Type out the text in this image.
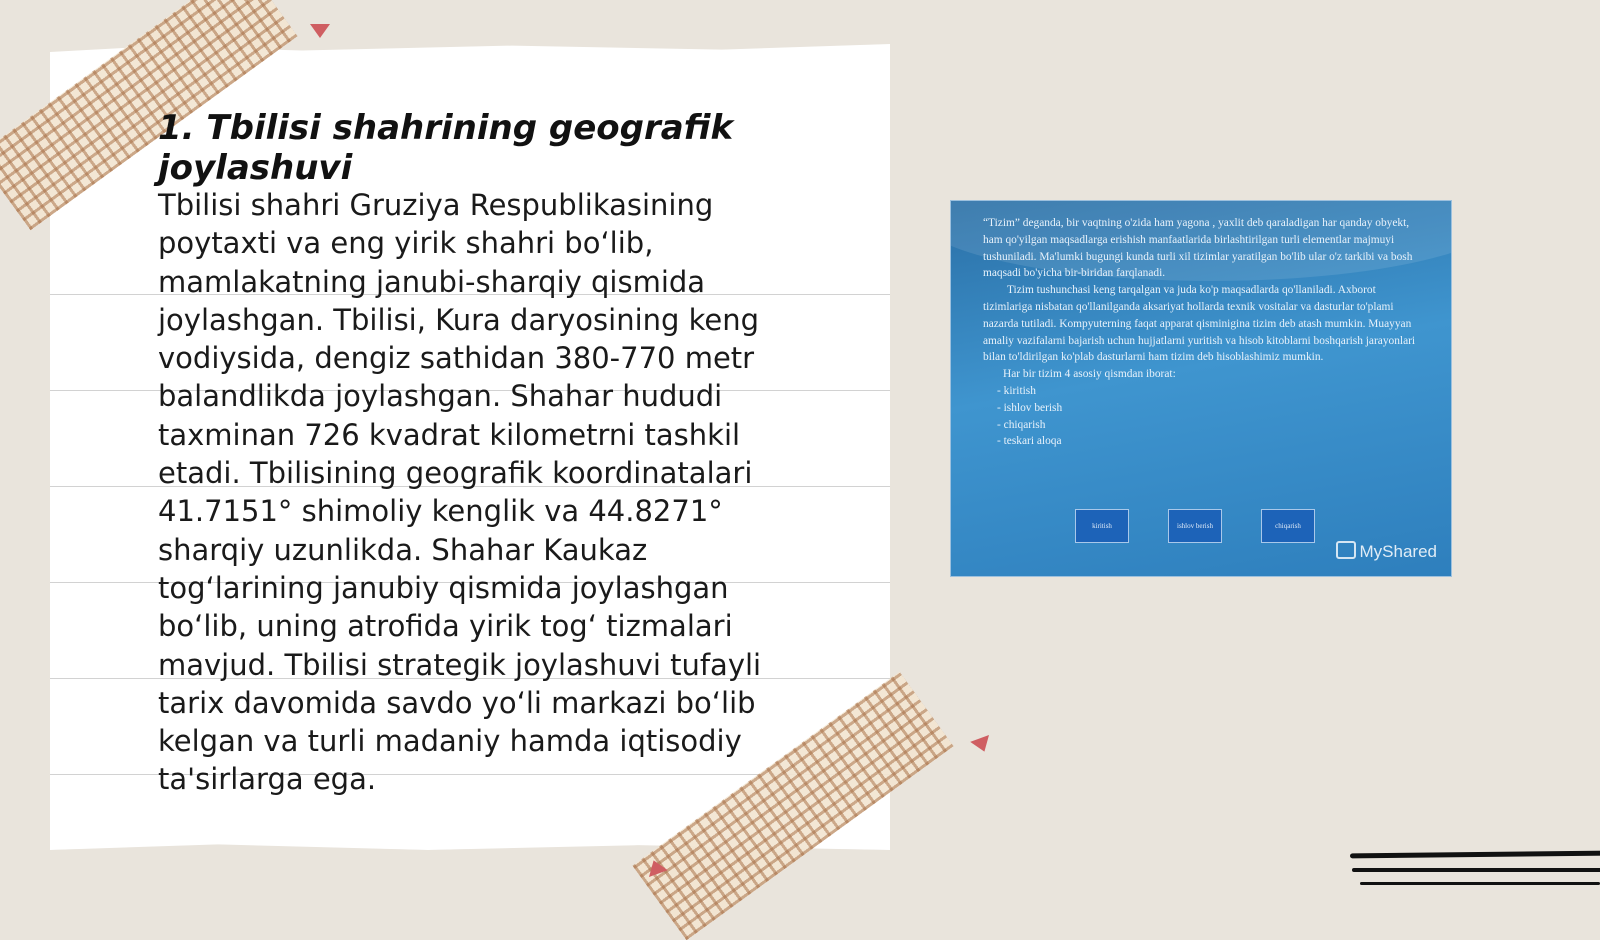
1. Tbilisi shahrining geografik joylashuvi

Tbilisi shahri Gruziya Respublikasining poytaxti va eng yirik shahri bo‘lib, mamlakatning janubi-sharqiy qismida joylashgan. Tbilisi, Kura daryosining keng vodiysida, dengiz sathidan 380-770 metr balandlikda joylashgan. Shahar hududi taxminan 726 kvadrat kilometrni tashkil etadi. Tbilisining geografik koordinatalari 41.7151° shimoliy kenglik va 44.8271° sharqiy uzunlikda. Shahar Kaukaz tog‘larining janubiy qismida joylashgan bo‘lib, uning atrofida yirik tog‘ tizmalari mavjud. Tbilisi strategik joylashuvi tufayli tarix davomida savdo yo‘li markazi bo‘lib kelgan va turli madaniy hamda iqtisodiy ta'sirlarga ega.

“Tizim” deganda, bir vaqtning o'zida ham yagona , yaxlit deb qaraladigan har qanday obyekt, ham qo'yilgan maqsadlarga erishish manfaatlarida birlashtirilgan turli elementlar majmuyi tushuniladi. Ma'lumki bugungi kunda turli xil tizimlar yaratilgan bo'lib ular o'z tarkibi va bosh maqsadi bo'yicha bir-biridan farqlanadi.

Tizim tushunchasi keng tarqalgan va juda ko'p maqsadlarda qo'llaniladi. Axborot tizimlariga nisbatan qo'llanilganda aksariyat hollarda texnik vositalar va dasturlar to'plami nazarda tutiladi. Kompyuterning faqat apparat qisminigina tizim deb atash mumkin. Muayyan amaliy vazifalarni bajarish uchun hujjatlarni yuritish va hisob kitoblarni boshqarish jarayonlari bilan to'ldirilgan ko'plab dasturlarni ham tizim deb hisoblashimiz mumkin.

Har bir tizim 4 asosiy qismdan iborat:

- kiritish

- ishlov berish

- chiqarish

- teskari aloqa

kiritish	ishlov berish	chiqarish
MyShared
